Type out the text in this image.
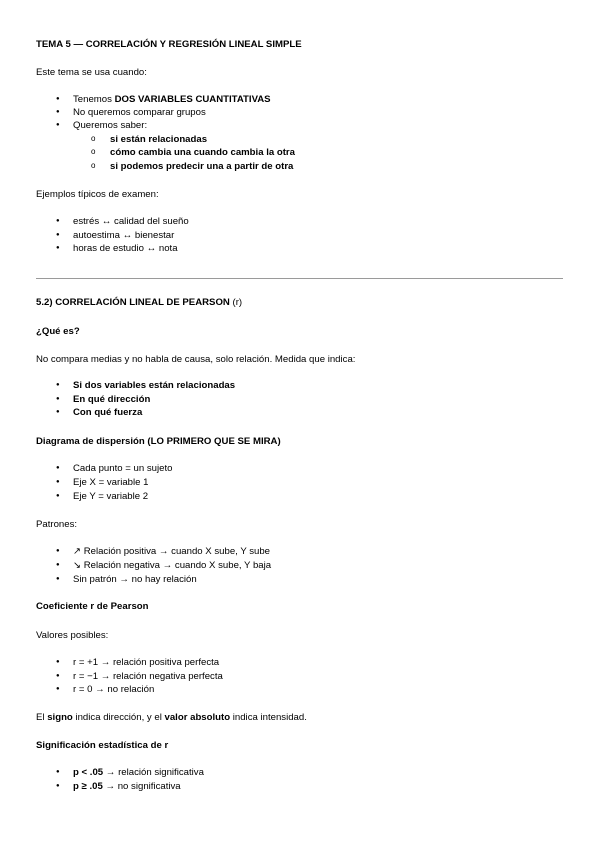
TEMA 5 — CORRELACIÓN Y REGRESIÓN LINEAL SIMPLE
Este tema se usa cuando:
●
Tenemos DOS VARIABLES CUANTITATIVAS
●
No queremos comparar grupos
●
Queremos saber:
si están relacionadas
cómo cambia una cuando cambia la otra
si podemos predecir una a partir de otra
Ejemplos típicos de examen:
●
estrés ↔ calidad del sueño
●
autoestima ↔ bienestar
●
horas de estudio ↔ nota
5.2) CORRELACIÓN LINEAL DE PEARSON (r)
¿Qué es?
No compara medias y no habla de causa, solo relación. Medida que indica:
●
Si dos variables están relacionadas
●
En qué dirección
●
Con qué fuerza
Diagrama de dispersión (LO PRIMERO QUE SE MIRA)
●
Cada punto = un sujeto
●
Eje X = variable 1
●
Eje Y = variable 2
Patrones:
●
↗ Relación positiva → cuando X sube, Y sube
●
↘ Relación negativa → cuando X sube, Y baja
●
Sin patrón → no hay relación
Coeficiente r de Pearson
Valores posibles:
●
r = +1 → relación positiva perfecta
●
r = −1 → relación negativa perfecta
●
r = 0 → no relación
El signo indica dirección, y el valor absoluto indica intensidad.
Significación estadística de r
●
p < .05 → relación significativa
●
p ≥ .05 → no significativa
